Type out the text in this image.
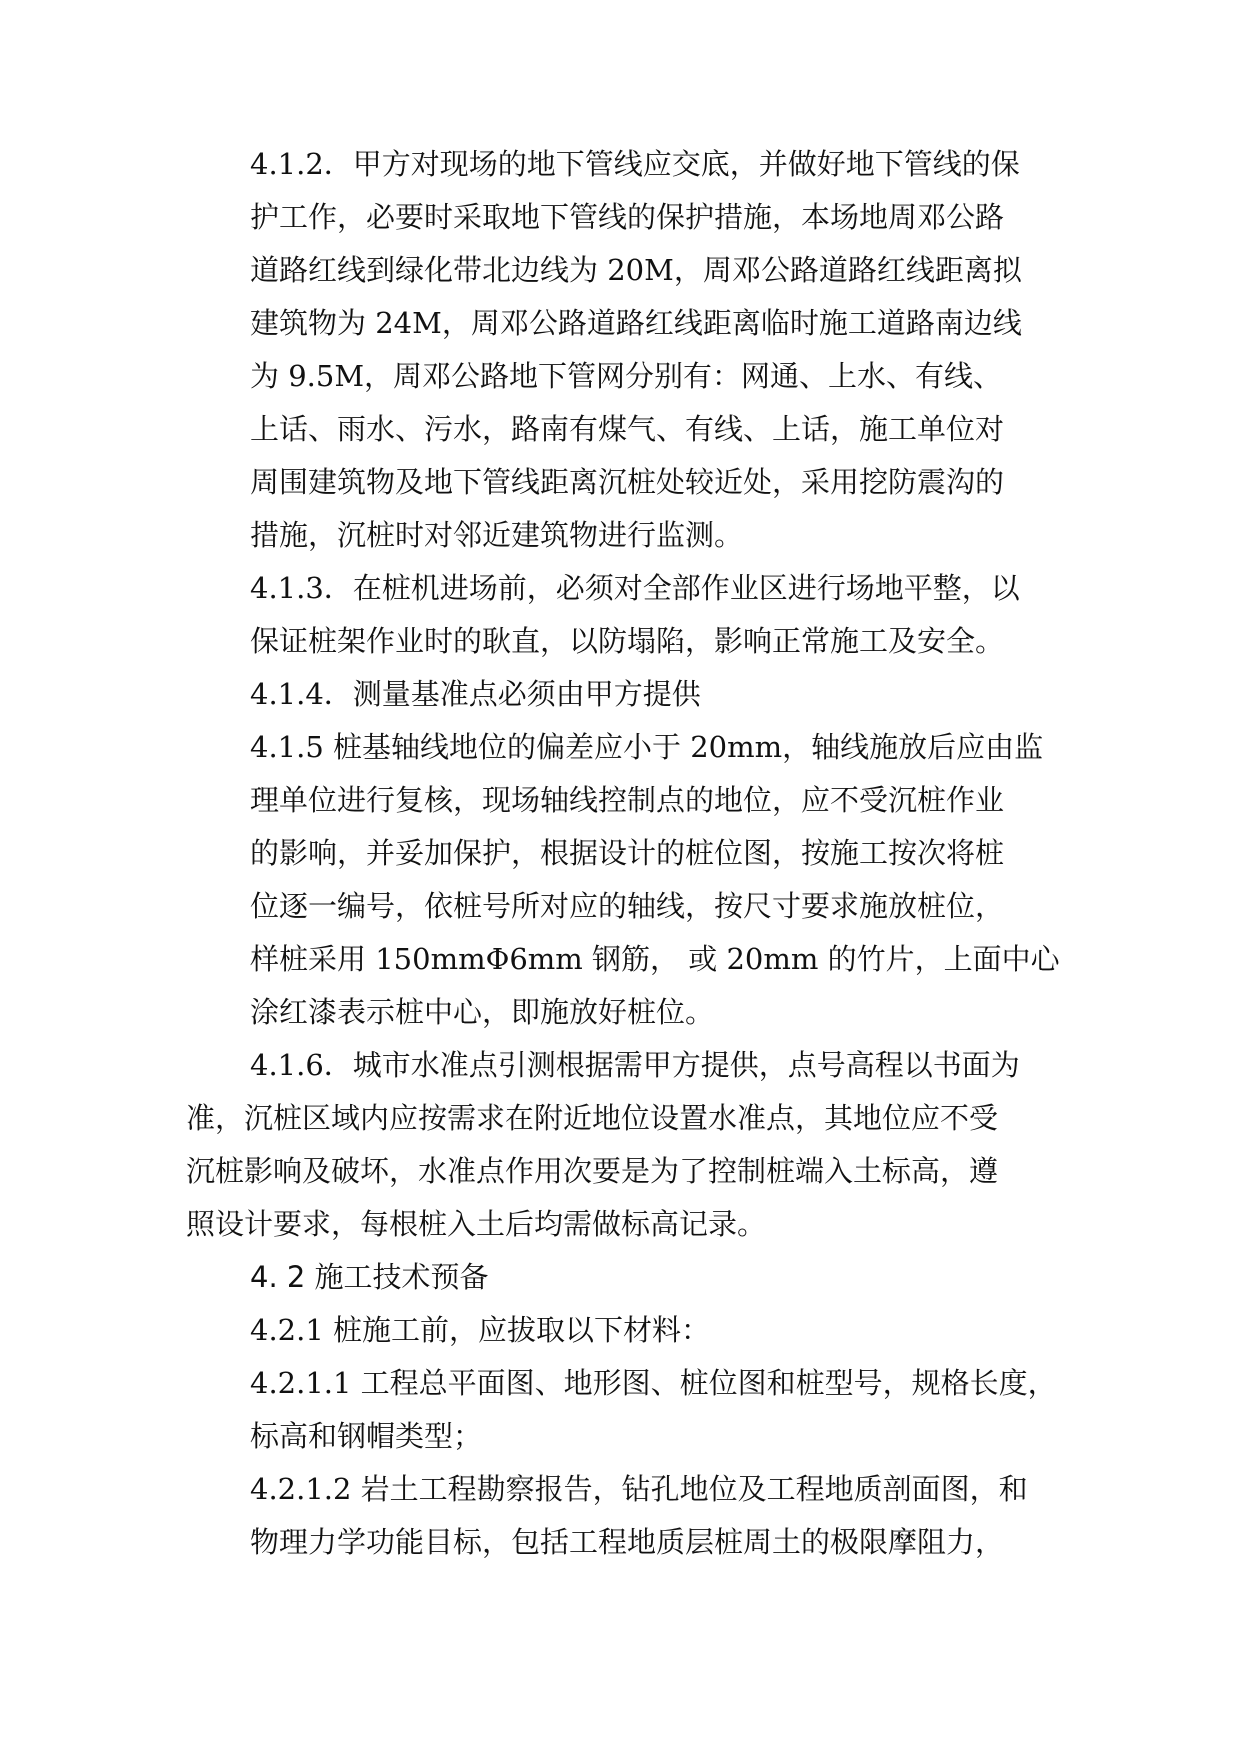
4.1.2．甲方对现场的地下管线应交底，并做好地下管线的保
护工作，必要时采取地下管线的保护措施，本场地周邓公路
道路红线到绿化带北边线为 20M，周邓公路道路红线距离拟
建筑物为 24M，周邓公路道路红线距离临时施工道路南边线
为 9.5M，周邓公路地下管网分别有：网通、上水、有线、
上话、雨水、污水，路南有煤气、有线、上话，施工单位对
周围建筑物及地下管线距离沉桩处较近处，采用挖防震沟的
措施，沉桩时对邻近建筑物进行监测。
4.1.3．在桩机进场前，必须对全部作业区进行场地平整，以
保证桩架作业时的耿直，以防塌陷，影响正常施工及安全。
4.1.4．测量基准点必须由甲方提供
4.1.5 桩基轴线地位的偏差应小于 20mm，轴线施放后应由监
理单位进行复核，现场轴线控制点的地位，应不受沉桩作业
的影响，并妥加保护，根据设计的桩位图，按施工按次将桩
位逐一编号，依桩号所对应的轴线，按尺寸要求施放桩位，
样桩采用 150mmΦ6mm 钢筋， 或 20mm 的竹片，上面中心
涂红漆表示桩中心，即施放好桩位。
4.1.6．城市水准点引测根据需甲方提供，点号高程以书面为
准，沉桩区域内应按需求在附近地位设置水准点，其地位应不受
沉桩影响及破坏，水准点作用次要是为了控制桩端入土标高，遵
照设计要求，每根桩入土后均需做标高记录。
4. 2 施工技术预备
4.2.1 桩施工前，应拔取以下材料：
4.2.1.1 工程总平面图、地形图、桩位图和桩型号，规格长度，
标高和钢帽类型；
4.2.1.2 岩土工程勘察报告，钻孔地位及工程地质剖面图，和
物理力学功能目标，包括工程地质层桩周土的极限摩阻力，
